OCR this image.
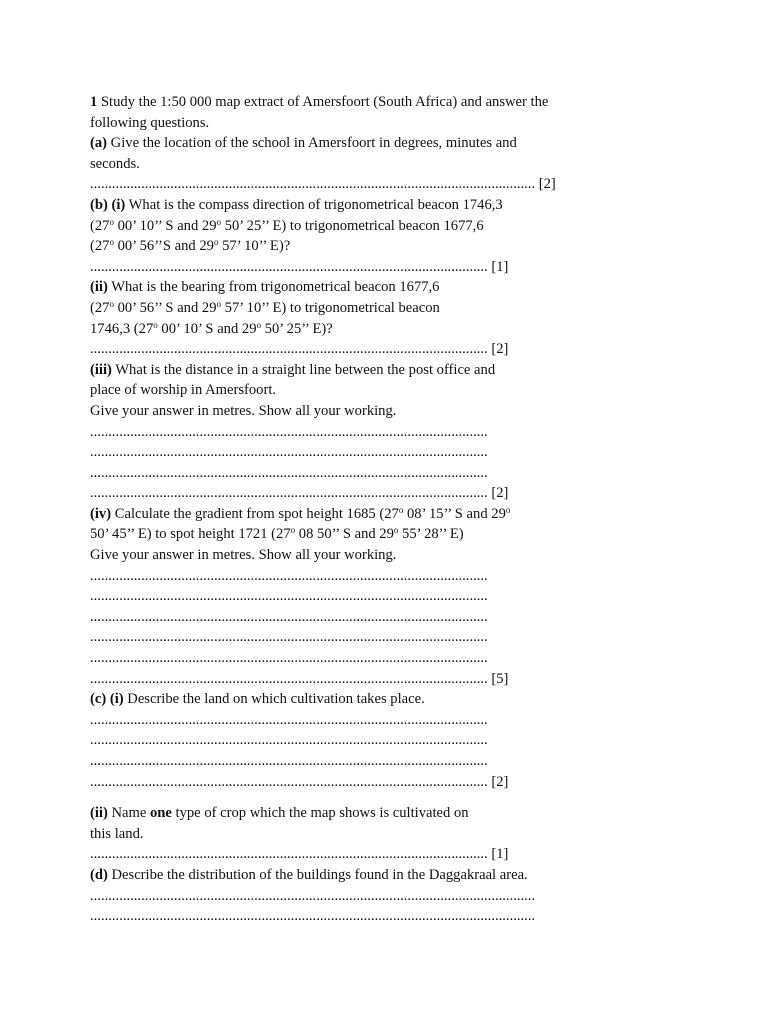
1 Study the 1:50 000 map extract of Amersfoort (South Africa) and answer the
following questions.
(a) Give the location of the school in Amersfoort in degrees, minutes and
seconds.
.......................................................................................................................... [2]
(b) (i) What is the compass direction of trigonometrical beacon 1746,3
(27$^o$ 00’ 10’’ S and 29$^o$ 50’ 25’’ E) to trigonometrical beacon 1677,6
(27$^o$ 00’ 56’’S and 29$^o$ 57’ 10’’ E)?
............................................................................................................. [1]
(ii) What is the bearing from trigonometrical beacon 1677,6
(27$^o$ 00’ 56’’ S and 29$^o$ 57’ 10’’ E) to trigonometrical beacon
1746,3 (27$^o$ 00’ 10’ S and 29$^o$ 50’ 25’’ E)?
............................................................................................................. [2]
(iii) What is the distance in a straight line between the post office and
place of worship in Amersfoort.
Give your answer in metres. Show all your working.
.............................................................................................................
.............................................................................................................
.............................................................................................................
............................................................................................................. [2]
(iv) Calculate the gradient from spot height 1685 (27$^o$ 08’ 15’’ S and 29$^o$
50’ 45’’ E) to spot height 1721 (27$^o$ 08 50’’ S and 29$^o$ 55’ 28’’ E)
Give your answer in metres. Show all your working.
.............................................................................................................
.............................................................................................................
.............................................................................................................
.............................................................................................................
.............................................................................................................
............................................................................................................. [5]
(c) (i) Describe the land on which cultivation takes place.
.............................................................................................................
.............................................................................................................
.............................................................................................................
............................................................................................................. [2]
(ii) Name one type of crop which the map shows is cultivated on
this land.
............................................................................................................. [1]
(d) Describe the distribution of the buildings found in the Daggakraal area.
..........................................................................................................................
..........................................................................................................................
